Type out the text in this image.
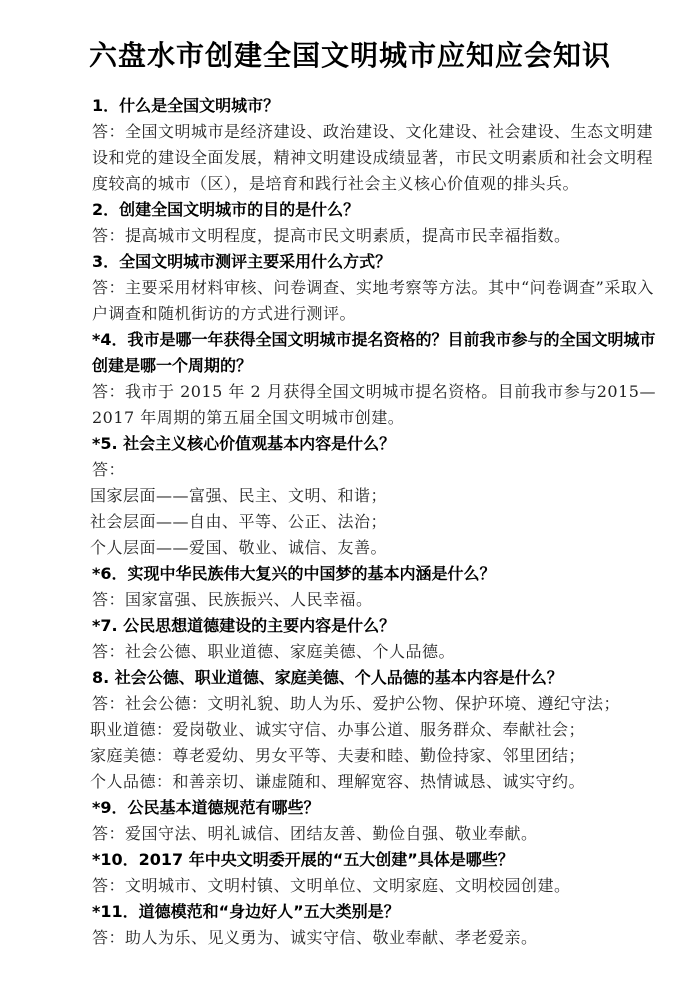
六盘水市创建全国文明城市应知应会知识

1．什么是全国文明城市？

答：全国文明城市是经济建设、政治建设、文化建设、社会建设、生态文明建设和党的建设全面发展，精神文明建设成绩显著，市民文明素质和社会文明程度较高的城市（区），是培育和践行社会主义核心价值观的排头兵。

2．创建全国文明城市的目的是什么？

答：提高城市文明程度，提高市民文明素质，提高市民幸福指数。

3．全国文明城市测评主要采用什么方式？

答：主要采用材料审核、问卷调查、实地考察等方法。其中“问卷调查”采取入户调查和随机街访的方式进行测评。

*4．我市是哪一年获得全国文明城市提名资格的？目前我市参与的全国文明城市创建是哪一个周期的？

答：我市于 2015 年 2 月获得全国文明城市提名资格。目前我市参与2015—2017 年周期的第五届全国文明城市创建。

*5. 社会主义核心价值观基本内容是什么？

答：

国家层面——富强、民主、文明、和谐；

社会层面——自由、平等、公正、法治；

个人层面——爱国、敬业、诚信、友善。

*6．实现中华民族伟大复兴的中国梦的基本内涵是什么？

答：国家富强、民族振兴、人民幸福。

*7. 公民思想道德建设的主要内容是什么？

答：社会公德、职业道德、家庭美德、个人品德。

8. 社会公德、职业道德、家庭美德、个人品德的基本内容是什么？

答：社会公德：文明礼貌、助人为乐、爱护公物、保护环境、遵纪守法；

职业道德：爱岗敬业、诚实守信、办事公道、服务群众、奉献社会；

家庭美德：尊老爱幼、男女平等、夫妻和睦、勤俭持家、邻里团结；

个人品德：和善亲切、谦虚随和、理解宽容、热情诚恳、诚实守约。

*9．公民基本道德规范有哪些？

答：爱国守法、明礼诚信、团结友善、勤俭自强、敬业奉献。

*10．2017 年中央文明委开展的“五大创建”具体是哪些？

答：文明城市、文明村镇、文明单位、文明家庭、文明校园创建。

*11．道德模范和“身边好人”五大类别是？

答：助人为乐、见义勇为、诚实守信、敬业奉献、孝老爱亲。
